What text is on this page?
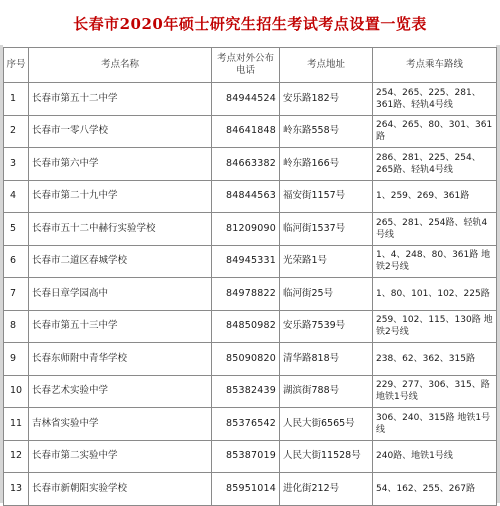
长春市2020年硕士研究生招生考试考点设置一览表
序号	考点名称	考点对外公布电话	考点地址	考点乘车路线
1	长春市第五十二中学	84944524	安乐路182号	254、265、225、281、361路、轻轨4号线
2	长春市一零八学校	84641848	岭东路558号	264、265、80、301、361路
3	长春市第六中学	84663382	岭东路166号	286、281、225、254、265路、轻轨4号线
4	长春市第二十九中学	84844563	福安街1157号	1、259、269、361路
5	长春市五十二中赫行实验学校	81209090	临河街1537号	265、281、254路、轻轨4号线
6	长春市二道区春城学校	84945331	光荣路1号	1、4、248、80、361路 地铁2号线
7	长春日章学园高中	84978822	临河街25号	1、80、101、102、225路
8	长春市第五十三中学	84850982	安乐路7539号	259、102、115、130路 地铁2号线
9	长春东师附中青华学校	85090820	清华路818号	238、62、362、315路
10	长春艺术实验中学	85382439	湖滨街788号	229、277、306、315、路 地铁1号线
11	吉林省实验中学	85376542	人民大街6565号	306、240、315路 地铁1号线
12	长春市第二实验中学	85387019	人民大街11528号	240路、地铁1号线
13	长春市新朝阳实验学校	85951014	进化街212号	54、162、255、267路
